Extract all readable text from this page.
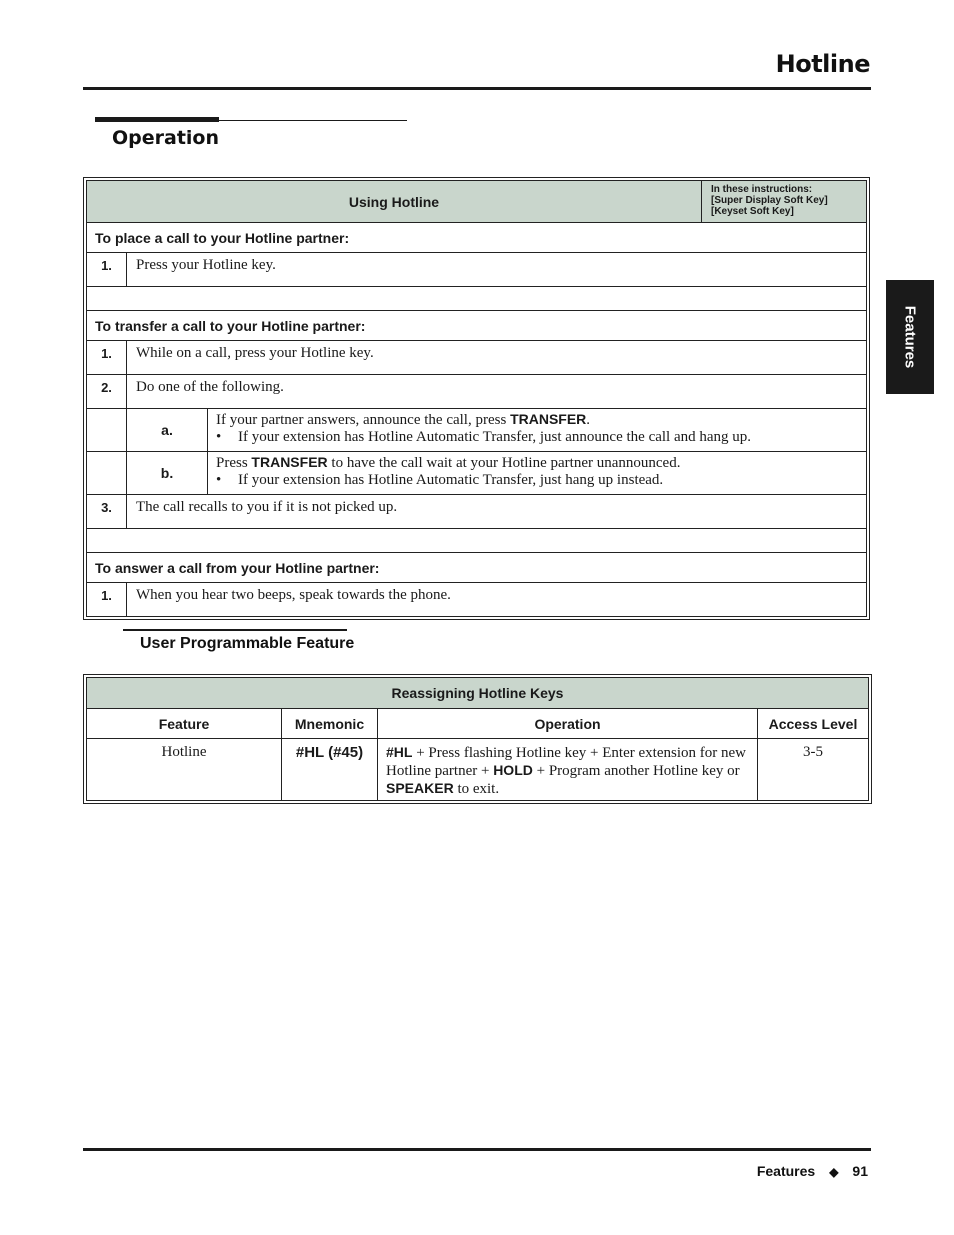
Hotline
Operation
Features
Using Hotline			In these instructions:
[Super Display Soft Key]
[Keyset Soft Key]

To place a call to your Hotline partner:			
1.	Press your Hotline key.		

To transfer a call to your Hotline partner:			
1.	While on a call, press your Hotline key.		
2.	Do one of the following.		
	a.	If your partner answers, announce the call, press TRANSFER.
• If your extension has Hotline Automatic Transfer, just announce the call and hang up.	

	b.	Press TRANSFER to have the call wait at your Hotline partner unannounced.
• If your extension has Hotline Automatic Transfer, just hang up instead.	

3.	The call recalls to you if it is not picked up.		

To answer a call from your Hotline partner:			
1.	When you hear two beeps, speak towards the phone.		
User Programmable Feature
Reassigning Hotline Keys			
Feature	Mnemonic	Operation	Access Level
Hotline	#HL (#45)	#HL + Press flashing Hotline key + Enter extension for new Hotline partner + HOLD + Program another Hotline key or SPEAKER to exit.	3-5
Features ◆ 91
